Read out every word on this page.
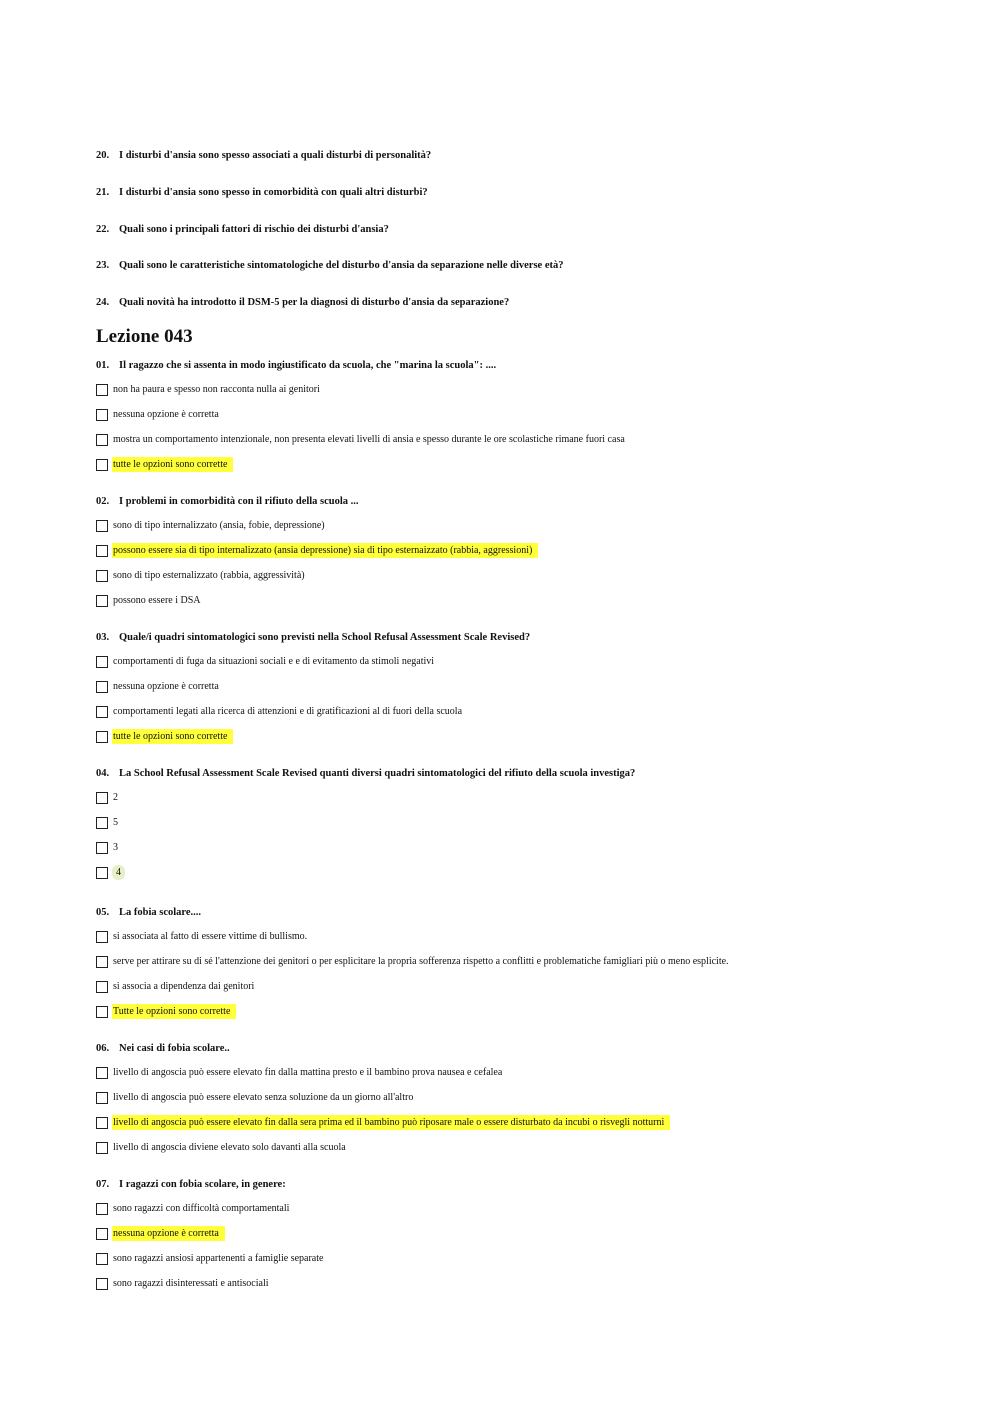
20. I disturbi d'ansia sono spesso associati a quali disturbi di personalità?
21. I disturbi d'ansia sono spesso in comorbidità con quali altri disturbi?
22. Quali sono i principali fattori di rischio dei disturbi d'ansia?
23. Quali sono le caratteristiche sintomatologiche del disturbo d'ansia da separazione nelle diverse età?
24. Quali novità ha introdotto il DSM-5 per la diagnosi di disturbo d'ansia da separazione?
Lezione 043
01. Il ragazzo che si assenta in modo ingiustificato da scuola, che "marina la scuola": ....
non ha paura e spesso non racconta nulla ai genitori
nessuna opzione è corretta
mostra un comportamento intenzionale, non presenta elevati livelli di ansia e spesso durante le ore scolastiche rimane fuori casa
tutte le opzioni sono corrette
02. I problemi in comorbidità con il rifiuto della scuola ...
sono di tipo internalizzato (ansia, fobie, depressione)
possono essere sia di tipo internalizzato (ansia depressione) sia di tipo esternaizzato (rabbia, aggressioni)
sono di tipo esternalizzato (rabbia, aggressività)
possono essere i DSA
03. Quale/i quadri sintomatologici sono previsti nella School Refusal Assessment Scale Revised?
comportamenti di fuga da situazioni sociali e e di evitamento da stimoli negativi
nessuna opzione è corretta
comportamenti legati alla ricerca di attenzioni e di gratificazioni al di fuori della scuola
tutte le opzioni sono corrette
04. La School Refusal Assessment Scale Revised quanti diversi quadri sintomatologici del rifiuto della scuola investiga?
2
5
3
4
05. La fobia scolare....
si associata al fatto di essere vittime di bullismo.
serve per attirare su di sé l'attenzione dei genitori o per esplicitare la propria sofferenza rispetto a conflitti e problematiche famigliari più o meno esplicite.
si associa a dipendenza dai genitori
Tutte le opzioni sono corrette
06. Nei casi di fobia scolare..
livello di angoscia può essere elevato fin dalla mattina presto e il bambino prova nausea e cefalea
livello di angoscia può essere elevato senza soluzione da un giorno all'altro
livello di angoscia può essere elevato fin dalla sera prima ed il bambino può riposare male o essere disturbato da incubi o risvegli notturni
livello di angoscia diviene elevato solo davanti alla scuola
07. I ragazzi con fobia scolare, in genere:
sono ragazzi con difficoltà comportamentali
nessuna opzione è corretta
sono ragazzi ansiosi appartenenti a famiglie separate
sono ragazzi disinteressati e antisociali
